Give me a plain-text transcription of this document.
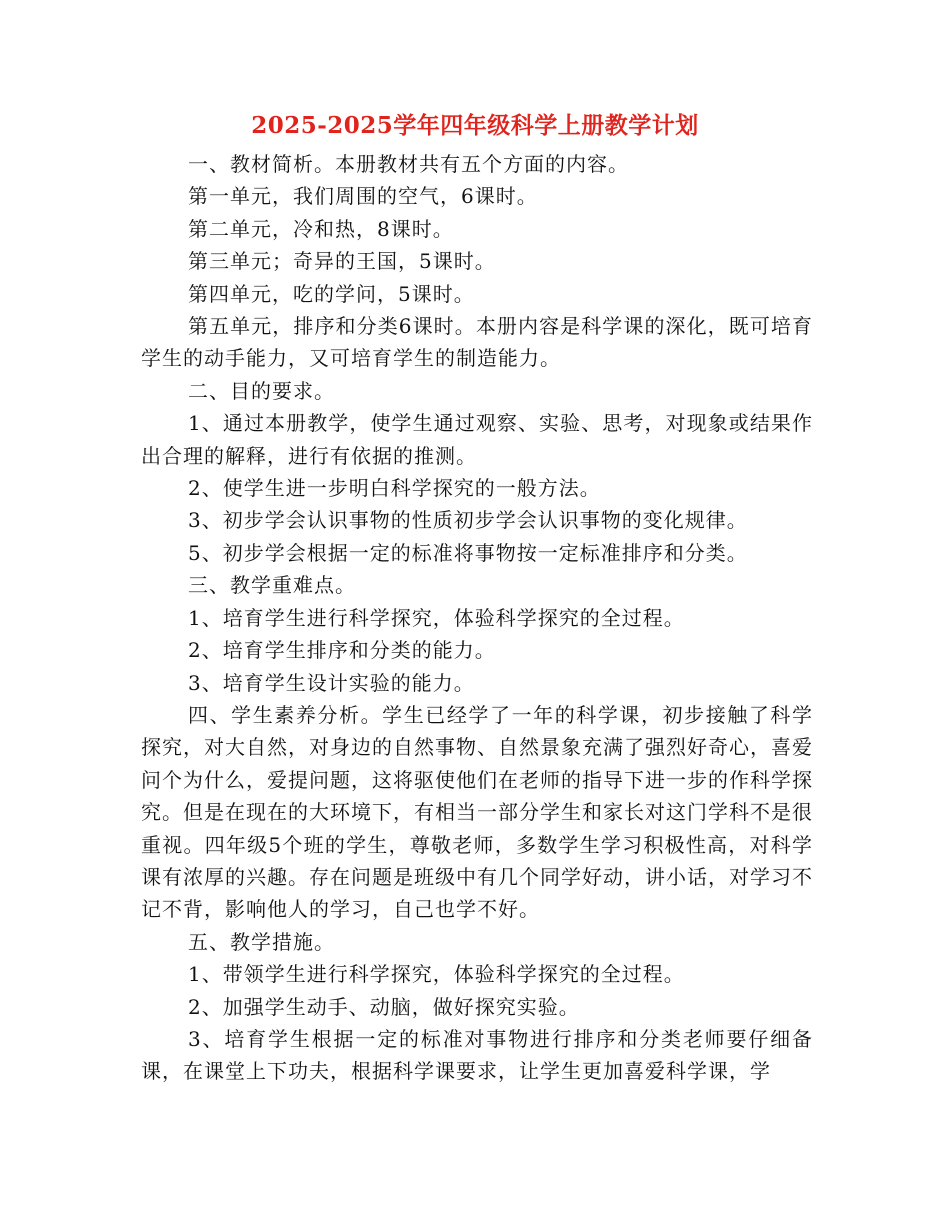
2025-2025学年四年级科学上册教学计划

一、教材简析。本册教材共有五个方面的内容。

第一单元，我们周围的空气，6课时。

第二单元，冷和热，8课时。

第三单元；奇异的王国，5课时。

第四单元，吃的学问，5课时。

第五单元，排序和分类6课时。本册内容是科学课的深化，既可培育学生的动手能力，又可培育学生的制造能力。

二、目的要求。

1、通过本册教学，使学生通过观察、实验、思考，对现象或结果作出合理的解释，进行有依据的推测。

2、使学生进一步明白科学探究的一般方法。

3、初步学会认识事物的性质初步学会认识事物的变化规律。

5、初步学会根据一定的标准将事物按一定标准排序和分类。

三、教学重难点。

1、培育学生进行科学探究，体验科学探究的全过程。

2、培育学生排序和分类的能力。

3、培育学生设计实验的能力。

四、学生素养分析。学生已经学了一年的科学课，初步接触了科学探究，对大自然，对身边的自然事物、自然景象充满了强烈好奇心，喜爱问个为什么，爱提问题，这将驱使他们在老师的指导下进一步的作科学探究。但是在现在的大环境下，有相当一部分学生和家长对这门学科不是很重视。四年级5个班的学生，尊敬老师，多数学生学习积极性高，对科学课有浓厚的兴趣。存在问题是班级中有几个同学好动，讲小话，对学习不记不背，影响他人的学习，自己也学不好。

五、教学措施。

1、带领学生进行科学探究，体验科学探究的全过程。

2、加强学生动手、动脑，做好探究实验。

3、培育学生根据一定的标准对事物进行排序和分类老师要仔细备课，在课堂上下功夫，根据科学课要求，让学生更加喜爱科学课，学
